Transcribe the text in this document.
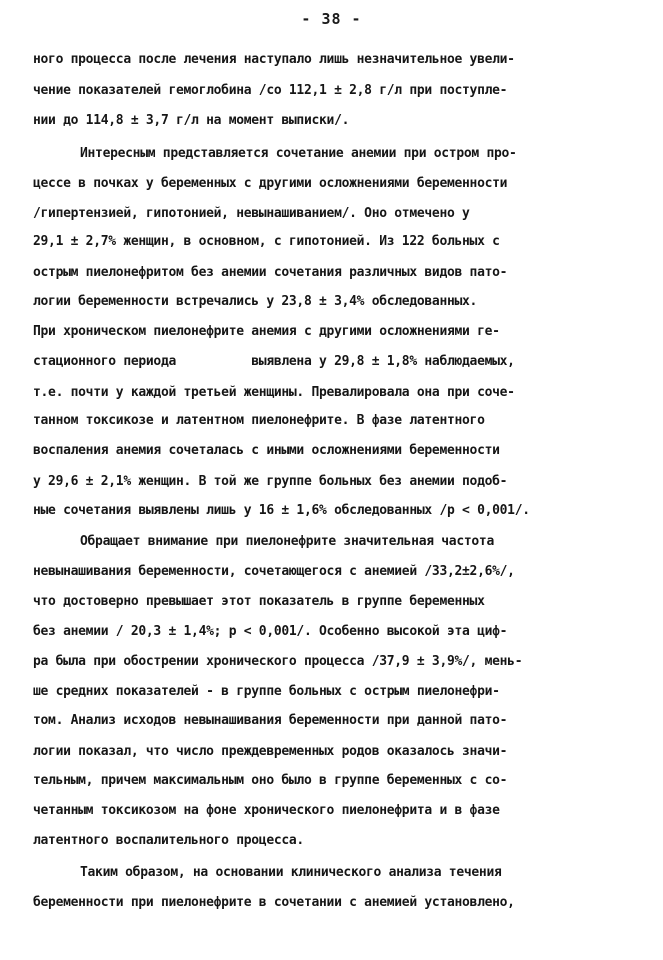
- 38 -
ного процесса после лечения наступало лишь незначительное увели-
чение показателей гемоглобина /со 112,1 ± 2,8 г/л при поступле-
нии до 114,8 ± 3,7 г/л на момент выписки/.
Интересным представляется сочетание анемии при остром про-
цессе в почках у беременных с другими осложнениями беременности
/гипертензией, гипотонией, невынашиванием/. Оно отмечено у
29,1 ± 2,7% женщин, в основном, с гипотонией. Из 122 больных с
острым пиелонефритом без анемии сочетания различных видов пато-
логии беременности встречались у 23,8 ± 3,4% обследованных.
При хроническом пиелонефрите анемия с другими осложнениями ге-
стационного периода          выявлена у 29,8 ± 1,8% наблюдаемых,
т.е. почти у каждой третьей женщины. Превалировала она при соче-
танном токсикозе и латентном пиелонефрите. В фазе латентного
воспаления анемия сочеталась с иными осложнениями беременности
у 29,6 ± 2,1% женщин. В той же группе больных без анемии подоб-
ные сочетания выявлены лишь у 16 ± 1,6% обследованных /р < 0,001/.
Обращает внимание при пиелонефрите значительная частота
невынашивания беременности, сочетающегося с анемией /33,2±2,6%/,
что достоверно превышает этот показатель в группе беременных
без анемии / 20,3 ± 1,4%; р < 0,001/. Особенно высокой эта циф-
ра была при обострении хронического процесса /37,9 ± 3,9%/, мень-
ше средних показателей - в группе больных с острым пиелонефри-
том. Анализ исходов невынашивания беременности при данной пато-
логии показал, что число преждевременных родов оказалось значи-
тельным, причем максимальным оно было в группе беременных с со-
четанным токсикозом на фоне хронического пиелонефрита и в фазе
латентного воспалительного процесса.
Таким образом, на основании клинического анализа течения
беременности при пиелонефрите в сочетании с анемией установлено,
